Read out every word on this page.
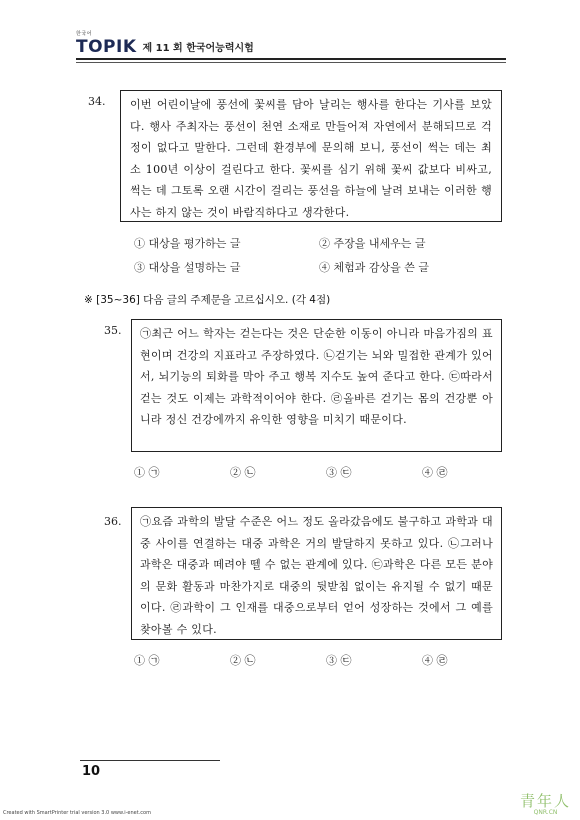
한국어
TOPIK 제 11 회 한국어능력시험
34. 이번 어린이날에 풍선에 꽃씨를 담아 날리는 행사를 한다는 기사를 보았다. 행사 주최자는 풍선이 천연 소재로 만들어져 자연에서 분해되므로 걱정이 없다고 말한다. 그런데 환경부에 문의해 보니, 풍선이 썩는 데는 최소 100년 이상이 걸린다고 한다. 꽃씨를 심기 위해 꽃씨 값보다 비싸고, 썩는 데 그토록 오랜 시간이 걸리는 풍선을 하늘에 날려 보내는 이러한 행사는 하지 않는 것이 바람직하다고 생각한다.

① 대상을 평가하는 글	② 주장을 내세우는 글
③ 대상을 설명하는 글	④ 체험과 감상을 쓴 글
※ [35~36] 다음 글의 주제문을 고르십시오. (각 4점)
35. ㉠최근 어느 학자는 걷는다는 것은 단순한 이동이 아니라 마음가짐의 표현이며 건강의 지표라고 주장하였다. ㉡걷기는 뇌와 밀접한 관계가 있어서, 뇌기능의 퇴화를 막아 주고 행복 지수도 높여 준다고 한다. ㉢따라서 걷는 것도 이제는 과학적이어야 한다. ㉣올바른 걷기는 몸의 건강뿐 아니라 정신 건강에까지 유익한 영향을 미치기 때문이다.

① ㉠	② ㉡	③ ㉢	④ ㉣
36. ㉠요즘 과학의 발달 수준은 어느 정도 올라갔음에도 불구하고 과학과 대중 사이를 연결하는 대중 과학은 거의 발달하지 못하고 있다. ㉡그러나 과학은 대중과 떼려야 뗄 수 없는 관계에 있다. ㉢과학은 다른 모든 분야의 문화 활동과 마찬가지로 대중의 뒷받침 없이는 유지될 수 없기 때문이다. ㉣과학이 그 인재를 대중으로부터 얻어 성장하는 것에서 그 예를 찾아볼 수 있다.

① ㉠	② ㉡	③ ㉢	④ ㉣
10
Created with SmartPrinter trial version 3.0 www.i-enet.com
青年人
QNR.CN
